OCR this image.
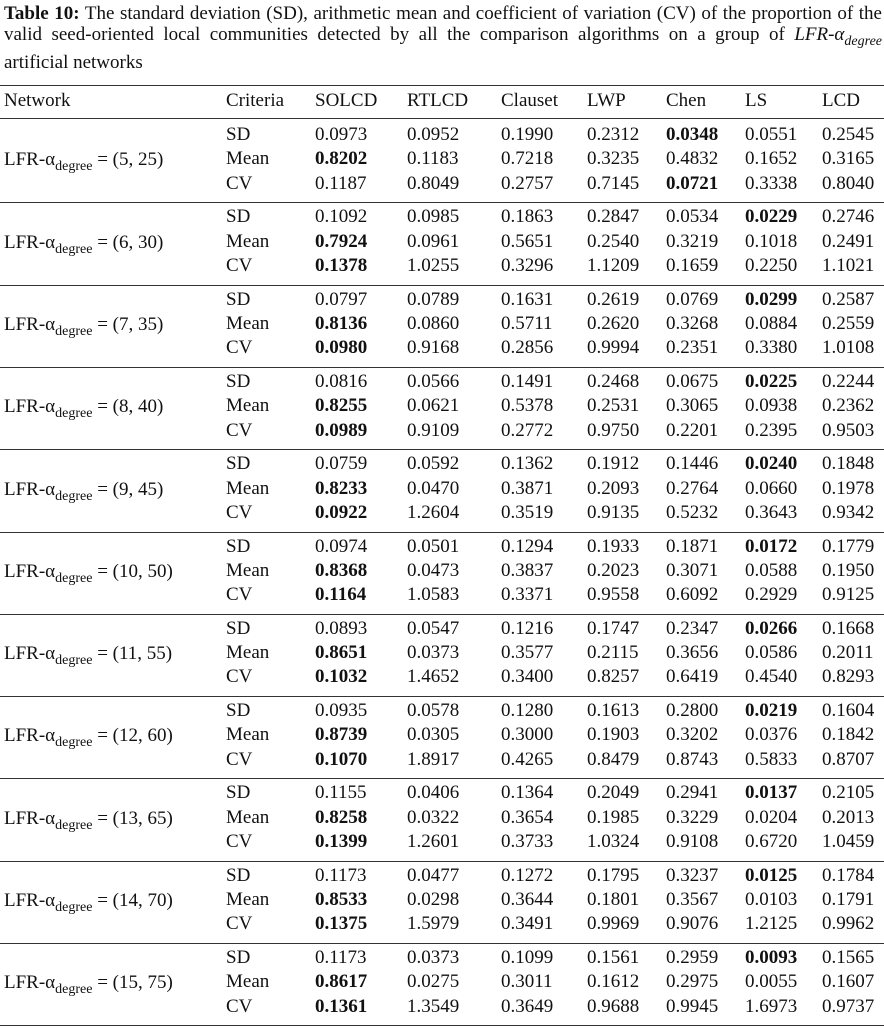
Table 10: The standard deviation (SD), arithmetic mean and coefficient of variation (CV) of the proportion of the valid seed-oriented local communities detected by all the comparison algorithms on a group of LFR-$\alpha_{degree}$ artificial networks
Network	Criteria SOLCD RTLCD Clauset LWP Chen LS	LCD
LFR-$\alpha_{degree} = (5$, 25)
SD	0.0973 0.0952 0.1990 0.2312 0.0348 0.0551 0.2545
Mean 0.8202 0.1183 0.7218 0.3235 0.4832 0.1652 0.3165
CV	0.1187 0.8049 0.2757 0.7145 0.0721 0.3338 0.8040
LFR-$\alpha_{degree} = (6$, 30)
SD	0.1092 0.0985 0.1863 0.2847 0.0534 0.0229 0.2746
Mean 0.7924 0.0961 0.5651 0.2540 0.3219 0.1018 0.2491
CV	0.1378 1.0255 0.3296 1.1209 0.1659 0.2250 1.1021
LFR-$\alpha_{degree} = (7$, 35)
SD	0.0797 0.0789 0.1631 0.2619 0.0769 0.0299 0.2587
Mean 0.8136 0.0860 0.5711 0.2620 0.3268 0.0884 0.2559
CV	0.0980 0.9168 0.2856 0.9994 0.2351 0.3380 1.0108
LFR-$\alpha_{degree} = (8$, 40)
SD	0.0816 0.0566 0.1491 0.2468 0.0675 0.0225 0.2244
Mean 0.8255 0.0621 0.5378 0.2531 0.3065 0.0938 0.2362
CV	0.0989 0.9109 0.2772 0.9750 0.2201 0.2395 0.9503
LFR-$\alpha_{degree} = (9$, 45)
SD	0.0759 0.0592 0.1362 0.1912 0.1446 0.0240 0.1848
Mean 0.8233 0.0470 0.3871 0.2093 0.2764 0.0660 0.1978
CV	0.0922 1.2604 0.3519 0.9135 0.5232 0.3643 0.9342
LFR-$\alpha_{degree} = (10$, 50)
SD	0.0974 0.0501 0.1294 0.1933 0.1871 0.0172 0.1779
Mean 0.8368 0.0473 0.3837 0.2023 0.3071 0.0588 0.1950
CV	0.1164 1.0583 0.3371 0.9558 0.6092 0.2929 0.9125
LFR-$\alpha_{degree} = (11$, 55)
SD	0.0893 0.0547 0.1216 0.1747 0.2347 0.0266 0.1668
Mean 0.8651 0.0373 0.3577 0.2115 0.3656 0.0586 0.2011
CV	0.1032 1.4652 0.3400 0.8257 0.6419 0.4540 0.8293
LFR-$\alpha_{degree} = (12$, 60)
SD	0.0935 0.0578 0.1280 0.1613 0.2800 0.0219 0.1604
Mean 0.8739 0.0305 0.3000 0.1903 0.3202 0.0376 0.1842
CV	0.1070 1.8917 0.4265 0.8479 0.8743 0.5833 0.8707
LFR-$\alpha_{degree} = (13$, 65)
SD	0.1155 0.0406 0.1364 0.2049 0.2941 0.0137 0.2105
Mean 0.8258 0.0322 0.3654 0.1985 0.3229 0.0204 0.2013
CV	0.1399 1.2601 0.3733 1.0324 0.9108 0.6720 1.0459
LFR-$\alpha_{degree} = (14$, 70)
SD	0.1173 0.0477 0.1272 0.1795 0.3237 0.0125 0.1784
Mean 0.8533 0.0298 0.3644 0.1801 0.3567 0.0103 0.1791
CV	0.1375 1.5979 0.3491 0.9969 0.9076 1.2125 0.9962
LFR-$\alpha_{degree} = (15$, 75)
SD	0.1173 0.0373 0.1099 0.1561 0.2959 0.0093 0.1565
Mean 0.8617 0.0275 0.3011 0.1612 0.2975 0.0055 0.1607
CV	0.1361 1.3549 0.3649 0.9688 0.9945 1.6973 0.9737
